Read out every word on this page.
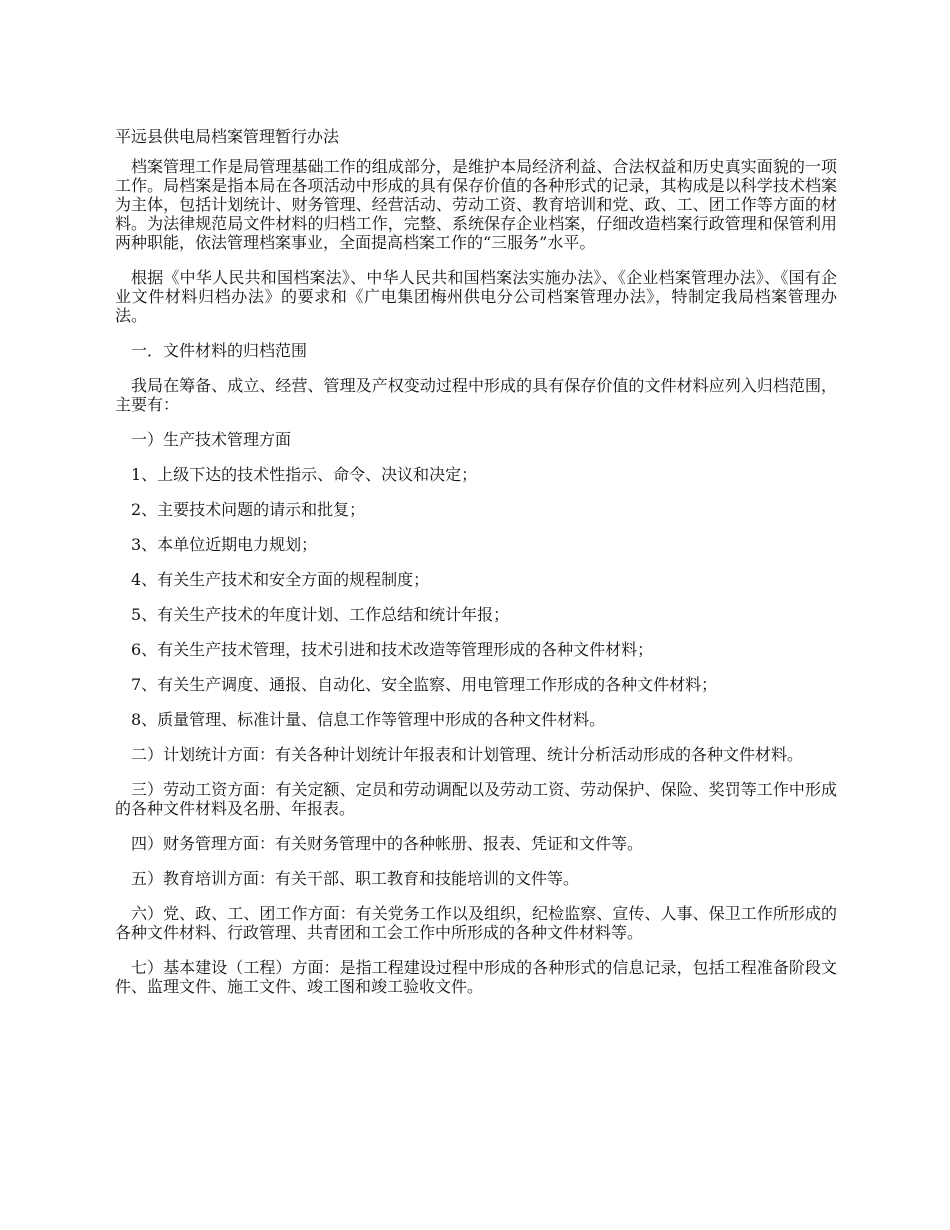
平远县供电局档案管理暂行办法

档案管理工作是局管理基础工作的组成部分，是维护本局经济利益、合法权益和历史真实面貌的一项工作。局档案是指本局在各项活动中形成的具有保存价值的各种形式的记录，其构成是以科学技术档案为主体，包括计划统计、财务管理、经营活动、劳动工资、教育培训和党、政、工、团工作等方面的材料。为法律规范局文件材料的归档工作，完整、系统保存企业档案，仔细改造档案行政管理和保管利用两种职能，依法管理档案事业，全面提高档案工作的“三服务”水平。

根据《中华人民共和国档案法》、中华人民共和国档案法实施办法》、《企业档案管理办法》、《国有企业文件材料归档办法》的要求和《广电集团梅州供电分公司档案管理办法》，特制定我局档案管理办法。

一．文件材料的归档范围

我局在筹备、成立、经营、管理及产权变动过程中形成的具有保存价值的文件材料应列入归档范围，主要有：

一）生产技术管理方面

1、上级下达的技术性指示、命令、决议和决定；

2、主要技术问题的请示和批复；

3、本单位近期电力规划；

4、有关生产技术和安全方面的规程制度；

5、有关生产技术的年度计划、工作总结和统计年报；

6、有关生产技术管理，技术引进和技术改造等管理形成的各种文件材料；

7、有关生产调度、通报、自动化、安全监察、用电管理工作形成的各种文件材料；

8、质量管理、标准计量、信息工作等管理中形成的各种文件材料。

二）计划统计方面：有关各种计划统计年报表和计划管理、统计分析活动形成的各种文件材料。

三）劳动工资方面：有关定额、定员和劳动调配以及劳动工资、劳动保护、保险、奖罚等工作中形成的各种文件材料及名册、年报表。

四）财务管理方面：有关财务管理中的各种帐册、报表、凭证和文件等。

五）教育培训方面：有关干部、职工教育和技能培训的文件等。

六）党、政、工、团工作方面：有关党务工作以及组织，纪检监察、宣传、人事、保卫工作所形成的各种文件材料、行政管理、共青团和工会工作中所形成的各种文件材料等。

七）基本建设（工程）方面：是指工程建设过程中形成的各种形式的信息记录，包括工程准备阶段文件、监理文件、施工文件、竣工图和竣工验收文件。
